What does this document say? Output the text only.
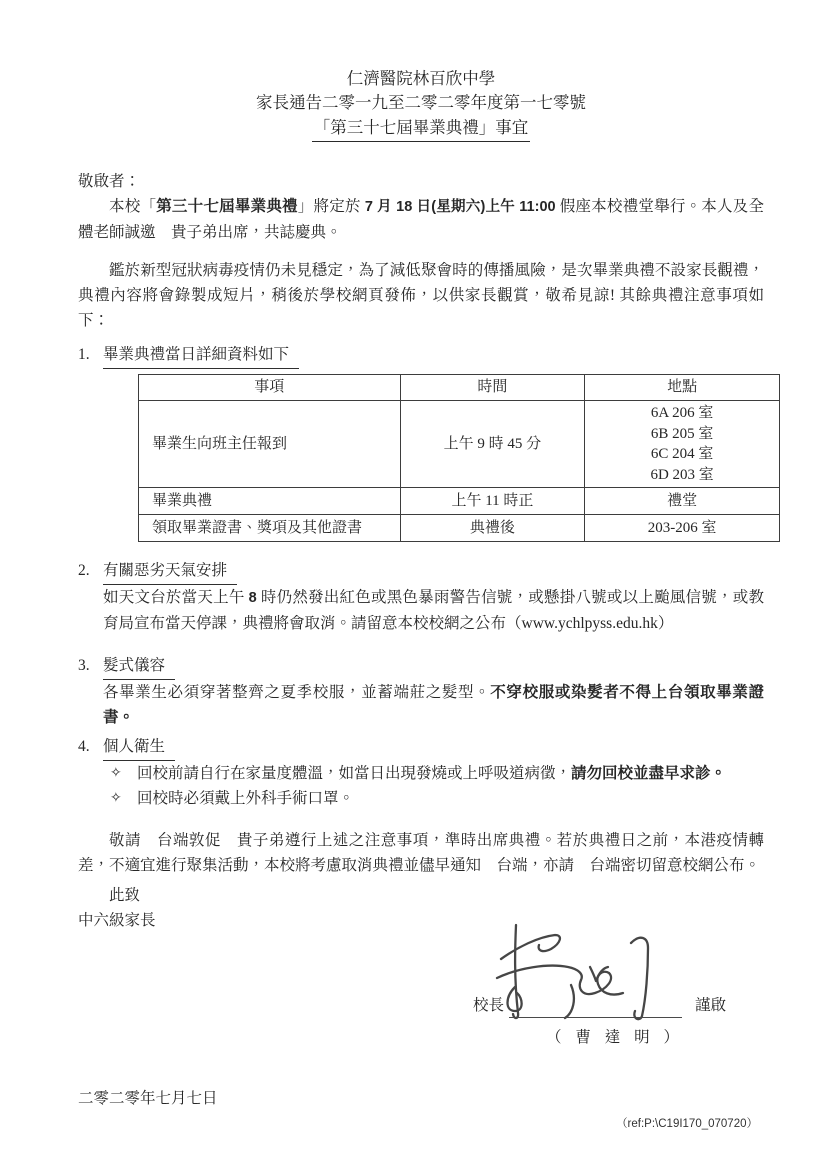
仁濟醫院林百欣中學
家長通告二零一九至二零二零年度第一七零號
「第三十七屆畢業典禮」事宜
敬啟者：

本校「第三十七屆畢業典禮」將定於 7 月 18 日(星期六)上午 11:00 假座本校禮堂舉行。本人及全體老師誠邀　貴子弟出席，共誌慶典。

鑑於新型冠狀病毒疫情仍未見穩定，為了減低聚會時的傳播風險，是次畢業典禮不設家長觀禮，典禮內容將會錄製成短片，稍後於學校網頁發佈，以供家長觀賞，敬希見諒! 其餘典禮注意事項如下：

1. 畢業典禮當日詳細資料如下
事項	時間	地點
畢業生向班主任報到	上午 9 時 45 分	6A 206 室
6B 205 室
6C 204 室
6D 203 室

畢業典禮	上午 11 時正	禮堂
領取畢業證書、獎項及其他證書	典禮後	203-206 室
2. 有關惡劣天氣安排
如天文台於當天上午 8 時仍然發出紅色或黑色暴雨警告信號，或懸掛八號或以上颱風信號，或教育局宣布當天停課，典禮將會取消。請留意本校校網之公布（www.ychlpyss.edu.hk）
3. 髮式儀容
各畢業生必須穿著整齊之夏季校服，並蓄端莊之髮型。不穿校服或染髮者不得上台領取畢業證書。
4. 個人衛生
✧ 回校前請自行在家量度體溫，如當日出現發燒或上呼吸道病徵，請勿回校並盡早求診。
✧ 回校時必須戴上外科手術口罩。

敬請　台端敦促　貴子弟遵行上述之注意事項，準時出席典禮。若於典禮日之前，本港疫情轉差，不適宜進行聚集活動，本校將考慮取消典禮並儘早通知　台端，亦請　台端密切留意校網公布。

此致
中六級家長
校長	謹啟
（ 曹 達 明 ）
二零二零年七月七日
（ref:P:\C19I170_070720）
